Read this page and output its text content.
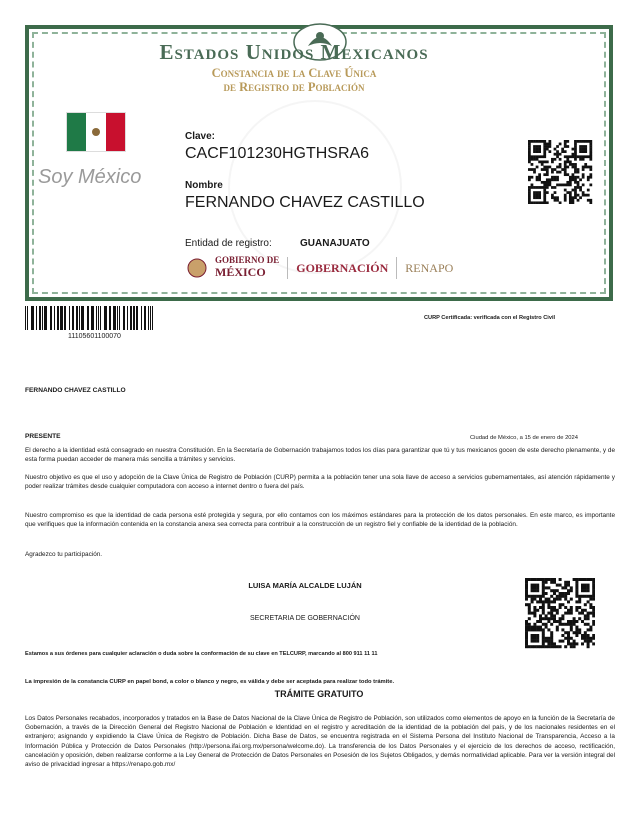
Estados Unidos Mexicanos
Constancia de la Clave Única
de Registro de Población
Soy México
Clave:
CACF101230HGTHSRA6
Nombre
FERNANDO CHAVEZ CASTILLO
Entidad de registro:	GUANAJUATO
GOBIERNO DE
MÉXICO	GOBERNACIÓN RENAPO
11105601100070
CURP Certificada: verificada con el Registro Civil
FERNANDO CHAVEZ CASTILLO
PRESENTE	Ciudad de México, a 15 de enero de 2024
El derecho a la identidad está consagrado en nuestra Constitución. En la Secretaría de Gobernación trabajamos todos los días para garantizar que tú y tus mexicanos gocen de este derecho plenamente, y de esta forma puedan acceder de manera más sencilla a trámites y servicios.
Nuestro objetivo es que el uso y adopción de la Clave Única de Registro de Población (CURP) permita a la población tener una sola llave de acceso a servicios gubernamentales, así atención rápidamente y poder realizar trámites desde cualquier computadora con acceso a internet dentro o fuera del país.
Nuestro compromiso es que la identidad de cada persona esté protegida y segura, por ello contamos con los máximos estándares para la protección de los datos personales. En este marco, es importante que verifiques que la información contenida en la constancia anexa sea correcta para contribuir a la construcción de un registro fiel y confiable de la identidad de la población.
Agradezco tu participación.
LUISA MARÍA ALCALDE LUJÁN
SECRETARIA DE GOBERNACIÓN
Estamos a sus órdenes para cualquier aclaración o duda sobre la conformación de su clave en TELCURP, marcando al 800 911 11 11
La impresión de la constancia CURP en papel bond, a color o blanco y negro, es válida y debe ser aceptada para realizar todo trámite.
TRÁMITE GRATUITO
Los Datos Personales recabados, incorporados y tratados en la Base de Datos Nacional de la Clave Única de Registro de Población, son utilizados como elementos de apoyo en la función de la Secretaría de Gobernación, a través de la Dirección General del Registro Nacional de Población e Identidad en el registro y acreditación de la identidad de la población del país, y de los nacionales residentes en el extranjero; asignando y expidiendo la Clave Única de Registro de Población. Dicha Base de Datos, se encuentra registrada en el Sistema Persona del Instituto Nacional de Transparencia, Acceso a la Información Pública y Protección de Datos Personales (http://persona.ifai.org.mx/persona/welcome.do). La transferencia de los Datos Personales y el ejercicio de los derechos de acceso, rectificación, cancelación y oposición, deben realizarse conforme a la Ley General de Protección de Datos Personales en Posesión de los Sujetos Obligados, y demás normatividad aplicable. Para ver la versión integral del aviso de privacidad ingresar a https://renapo.gob.mx/
